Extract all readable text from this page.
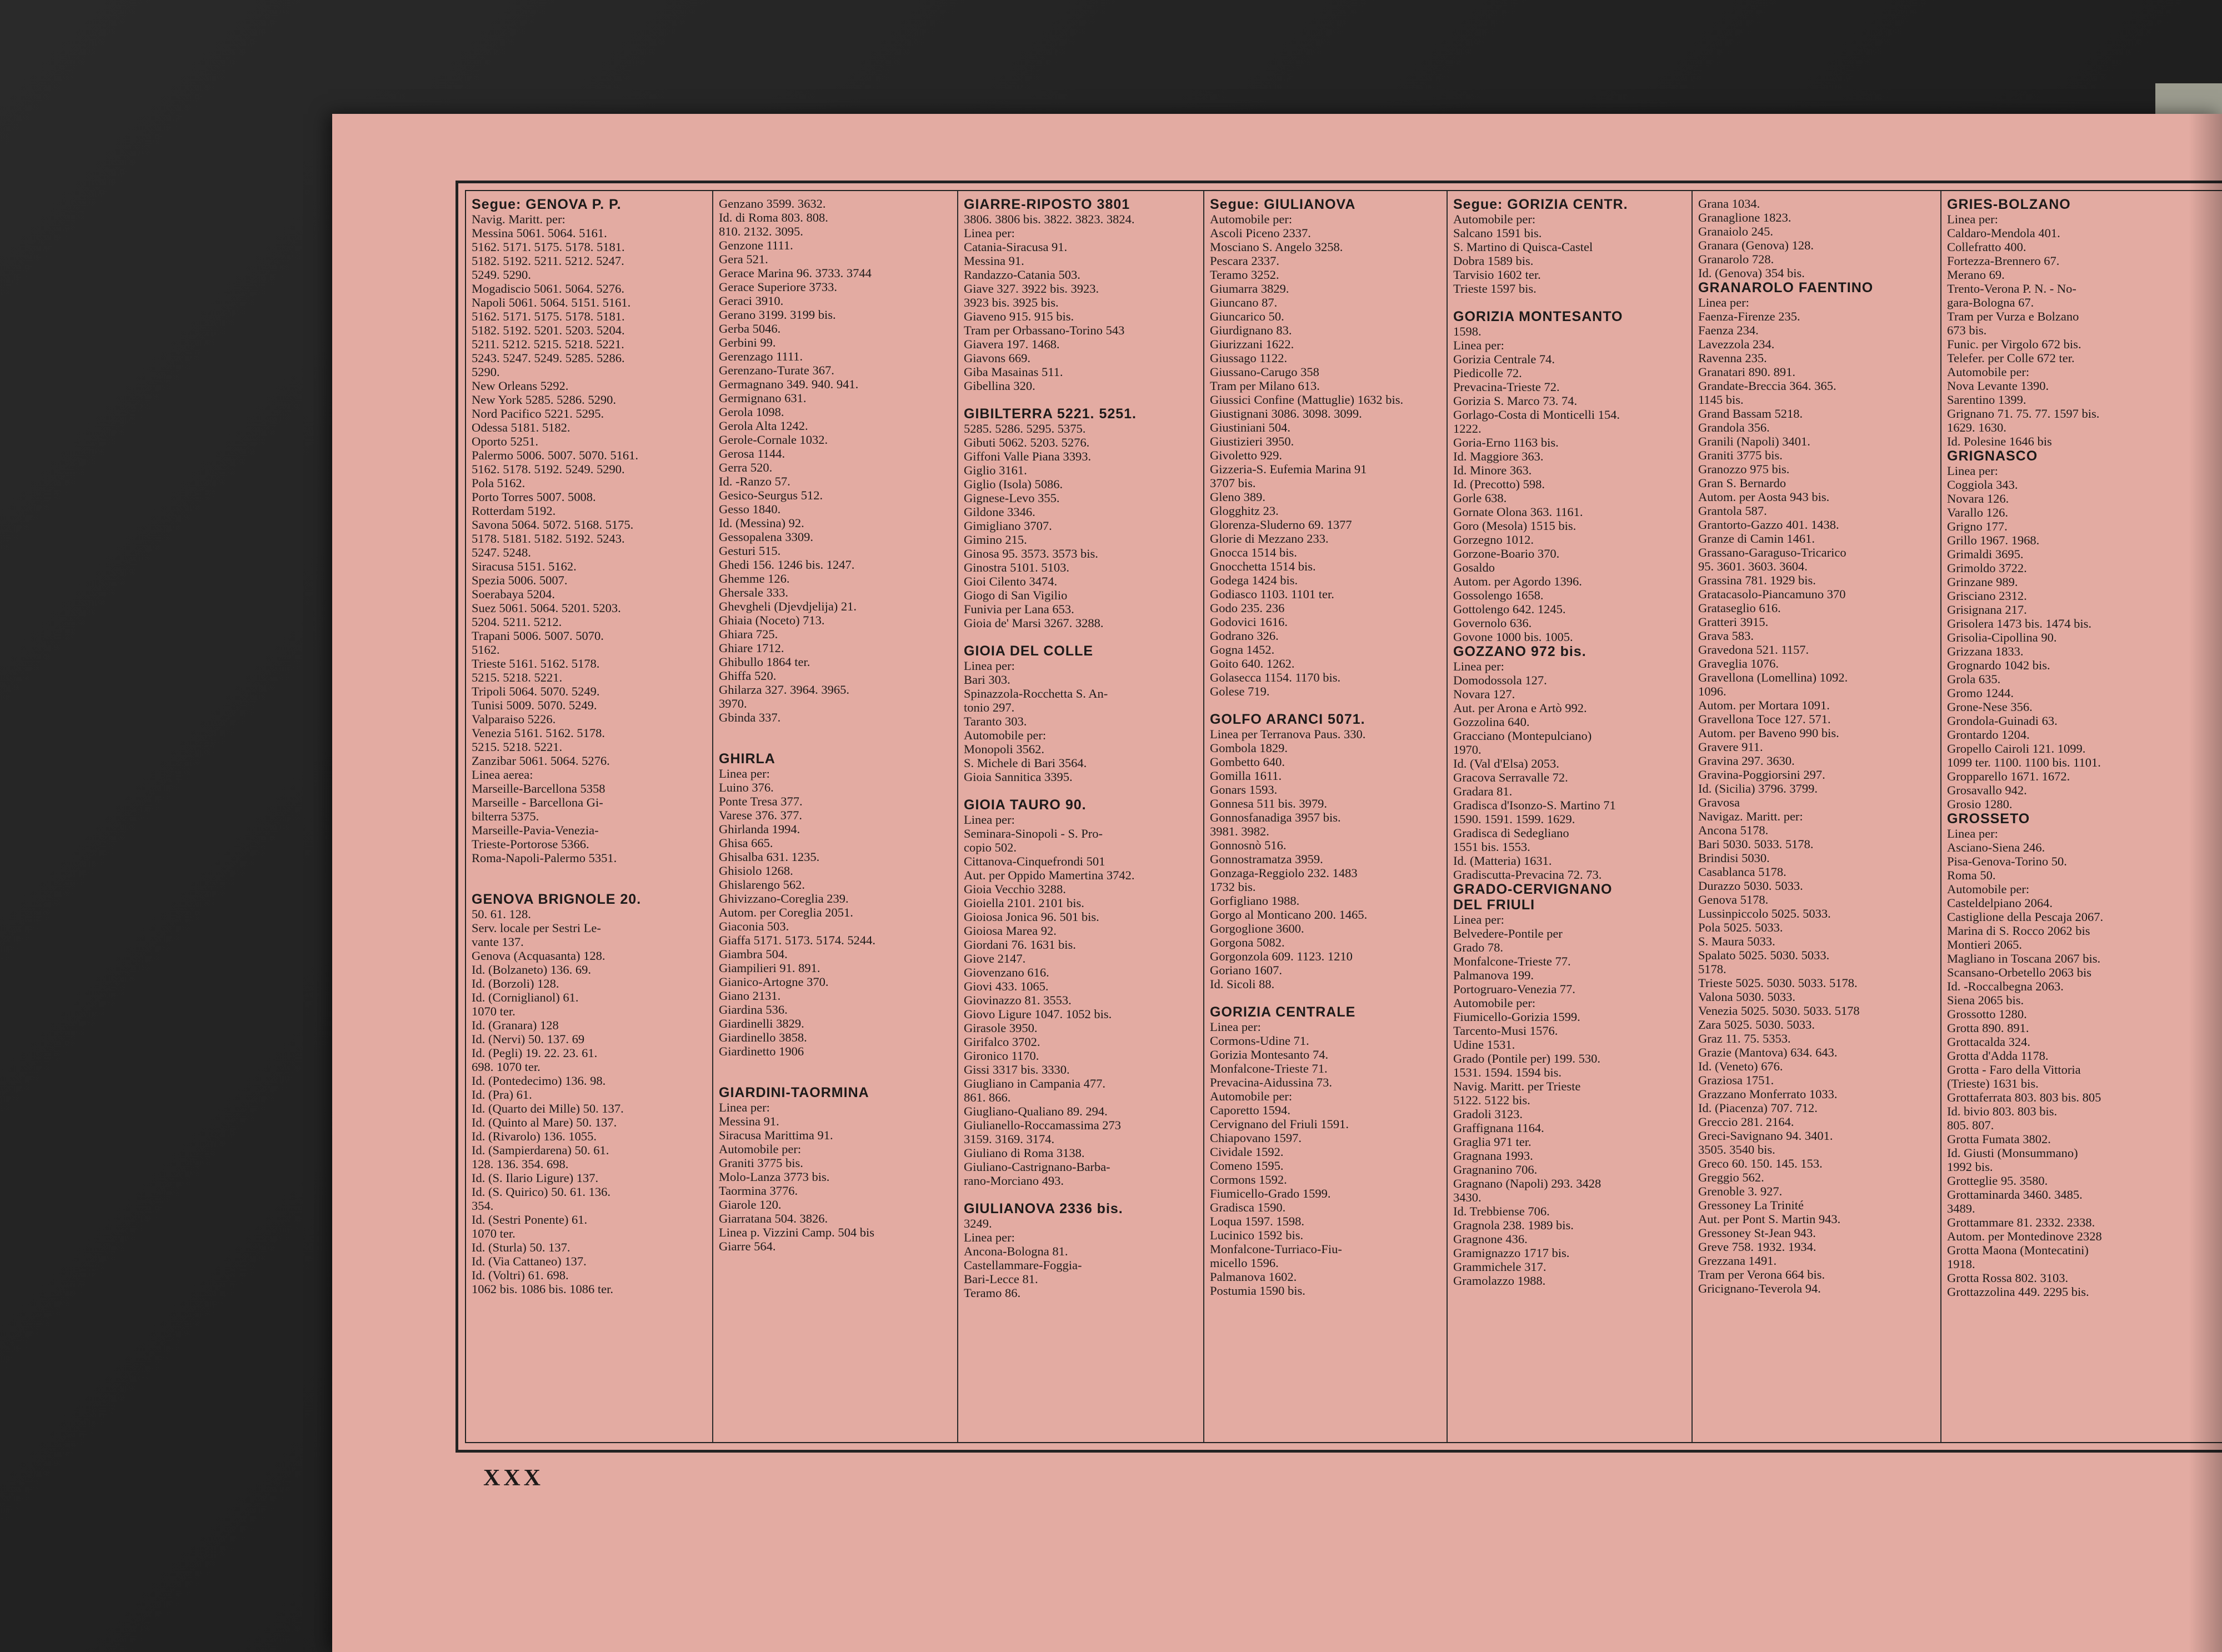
Segue: GENOVA P. P.
Navig. Maritt. per:
Messina 5061. 5064. 5161.
5162. 5171. 5175. 5178. 5181.
5182. 5192. 5211. 5212. 5247.
5249. 5290.
Mogadiscio 5061. 5064. 5276.
Napoli 5061. 5064. 5151. 5161.
5162. 5171. 5175. 5178. 5181.
5182. 5192. 5201. 5203. 5204.
5211. 5212. 5215. 5218. 5221.
5243. 5247. 5249. 5285. 5286.
5290.
New Orleans 5292.
New York 5285. 5286. 5290.
Nord Pacifico 5221. 5295.
Odessa 5181. 5182.
Oporto 5251.
Palermo 5006. 5007. 5070. 5161.
5162. 5178. 5192. 5249. 5290.
Pola 5162.
Porto Torres 5007. 5008.
Rotterdam 5192.
Savona 5064. 5072. 5168. 5175.
5178. 5181. 5182. 5192. 5243.
5247. 5248.
Siracusa 5151. 5162.
Spezia 5006. 5007.
Soerabaya 5204.
Suez 5061. 5064. 5201. 5203.
5204. 5211. 5212.
Trapani 5006. 5007. 5070.
5162.
Trieste 5161. 5162. 5178.
5215. 5218. 5221.
Tripoli 5064. 5070. 5249.
Tunisi 5009. 5070. 5249.
Valparaiso 5226.
Venezia 5161. 5162. 5178.
5215. 5218. 5221.
Zanzibar 5061. 5064. 5276.
Linea aerea:
Marseille-Barcellona 5358
Marseille - Barcellona Gi-
bilterra 5375.
Marseille-Pavia-Venezia-
Trieste-Portorose 5366.
Roma-Napoli-Palermo 5351.
GENOVA BRIGNOLE 20.
50. 61. 128.
Serv. locale per Sestri Le-
vante 137.
Genova (Acquasanta) 128.
Id. (Bolzaneto) 136. 69.
Id. (Borzoli) 128.
Id. (Corniglianol) 61.
1070 ter.
Id. (Granara) 128
Id. (Nervi) 50. 137. 69
Id. (Pegli) 19. 22. 23. 61.
698. 1070 ter.
Id. (Pontedecimo) 136. 98.
Id. (Pra) 61.
Id. (Quarto dei Mille) 50. 137.
Id. (Quinto al Mare) 50. 137.
Id. (Rivarolo) 136. 1055.
Id. (Sampierdarena) 50. 61.
128. 136. 354. 698.
Id. (S. Ilario Ligure) 137.
Id. (S. Quirico) 50. 61. 136.
354.
Id. (Sestri Ponente) 61.
1070 ter.
Id. (Sturla) 50. 137.
Id. (Via Cattaneo) 137.
Id. (Voltri) 61. 698.
1062 bis. 1086 bis. 1086 ter.
Genzano 3599. 3632.
Id. di Roma 803. 808.
810. 2132. 3095.
Genzone 1111.
Gera 521.
Gerace Marina 96. 3733. 3744
Gerace Superiore 3733.
Geraci 3910.
Gerano 3199. 3199 bis.
Gerba 5046.
Gerbini 99.
Gerenzago 1111.
Gerenzano-Turate 367.
Germagnano 349. 940. 941.
Germignano 631.
Gerola 1098.
Gerola Alta 1242.
Gerole-Cornale 1032.
Gerosa 1144.
Gerra 520.
Id. -Ranzo 57.
Gesico-Seurgus 512.
Gesso 1840.
Id. (Messina) 92.
Gessopalena 3309.
Gesturi 515.
Ghedi 156. 1246 bis. 1247.
Ghemme 126.
Ghersale 333.
Ghevgheli (Djevdjelija) 21.
Ghiaia (Noceto) 713.
Ghiara 725.
Ghiare 1712.
Ghibullo 1864 ter.
Ghiffa 520.
Ghilarza 327. 3964. 3965.
3970.
Gbinda 337.
GHIRLA
Linea per:
Luino 376.
Ponte Tresa 377.
Varese 376. 377.
Ghirlanda 1994.
Ghisa 665.
Ghisalba 631. 1235.
Ghisiolo 1268.
Ghislarengo 562.
Ghivizzano-Coreglia 239.
Autom. per Coreglia 2051.
Giaconia 503.
Giaffa 5171. 5173. 5174. 5244.
Giambra 504.
Giampilieri 91. 891.
Gianico-Artogne 370.
Giano 2131.
Giardina 536.
Giardinelli 3829.
Giardinello 3858.
Giardinetto 1906
GIARDINI-TAORMINA
Linea per:
Messina 91.
Siracusa Marittima 91.
Automobile per:
Graniti 3775 bis.
Molo-Lanza 3773 bis.
Taormina 3776.
Giarole 120.
Giarratana 504. 3826.
Linea p. Vizzini Camp. 504 bis
Giarre 564.
GIARRE-RIPOSTO 3801
3806. 3806 bis. 3822. 3823. 3824.
Linea per:
Catania-Siracusa 91.
Messina 91.
Randazzo-Catania 503.
Giave 327. 3922 bis. 3923.
3923 bis. 3925 bis.
Giaveno 915. 915 bis.
Tram per Orbassano-Torino 543
Giavera 197. 1468.
Giavons 669.
Giba Masainas 511.
Gibellina 320.
GIBILTERRA 5221. 5251.
5285. 5286. 5295. 5375.
Gibuti 5062. 5203. 5276.
Giffoni Valle Piana 3393.
Giglio 3161.
Giglio (Isola) 5086.
Gignese-Levo 355.
Gildone 3346.
Gimigliano 3707.
Gimino 215.
Ginosa 95. 3573. 3573 bis.
Ginostra 5101. 5103.
Gioi Cilento 3474.
Giogo di San Vigilio
Funivia per Lana 653.
Gioia de' Marsi 3267. 3288.
GIOIA DEL COLLE
Linea per:
Bari 303.
Spinazzola-Rocchetta S. An-
tonio 297.
Taranto 303.
Automobile per:
Monopoli 3562.
S. Michele di Bari 3564.
Gioia Sannitica 3395.
GIOIA TAURO 90.
Linea per:
Seminara-Sinopoli - S. Pro-
copio 502.
Cittanova-Cinquefrondi 501
Aut. per Oppido Mamertina 3742.
Gioia Vecchio 3288.
Gioiella 2101. 2101 bis.
Gioiosa Jonica 96. 501 bis.
Gioiosa Marea 92.
Giordani 76. 1631 bis.
Giove 2147.
Giovenzano 616.
Giovi 433. 1065.
Giovinazzo 81. 3553.
Giovo Ligure 1047. 1052 bis.
Girasole 3950.
Girifalco 3702.
Gironico 1170.
Gissi 3317 bis. 3330.
Giugliano in Campania 477.
861. 866.
Giugliano-Qualiano 89. 294.
Giulianello-Roccamassima 273
3159. 3169. 3174.
Giuliano di Roma 3138.
Giuliano-Castrignano-Barba-
rano-Morciano 493.
GIULIANOVA 2336 bis.
3249.
Linea per:
Ancona-Bologna 81.
Castellammare-Foggia-
Bari-Lecce 81.
Teramo 86.
Segue: GIULIANOVA
Automobile per:
Ascoli Piceno 2337.
Mosciano S. Angelo 3258.
Pescara 2337.
Teramo 3252.
Giumarra 3829.
Giuncano 87.
Giuncarico 50.
Giurdignano 83.
Giurizzani 1622.
Giussago 1122.
Giussano-Carugo 358
Tram per Milano 613.
Giussici Confine (Mattuglie) 1632 bis.
Giustignani 3086. 3098. 3099.
Giustiniani 504.
Giustizieri 3950.
Givoletto 929.
Gizzeria-S. Eufemia Marina 91
3707 bis.
Gleno 389.
Glogghitz 23.
Glorenza-Sluderno 69. 1377
Glorie di Mezzano 233.
Gnocca 1514 bis.
Gnocchetta 1514 bis.
Godega 1424 bis.
Godiasco 1103. 1101 ter.
Godo 235. 236
Godovici 1616.
Godrano 326.
Gogna 1452.
Goito 640. 1262.
Golasecca 1154. 1170 bis.
Golese 719.
GOLFO ARANCI 5071.
Linea per Terranova Paus. 330.
Gombola 1829.
Gombetto 640.
Gomilla 1611.
Gonars 1593.
Gonnesa 511 bis. 3979.
Gonnosfanadiga 3957 bis.
3981. 3982.
Gonnosnò 516.
Gonnostramatza 3959.
Gonzaga-Reggiolo 232. 1483
1732 bis.
Gorfigliano 1988.
Gorgo al Monticano 200. 1465.
Gorgoglione 3600.
Gorgona 5082.
Gorgonzola 609. 1123. 1210
Goriano 1607.
Id. Sicoli 88.
GORIZIA CENTRALE
Linea per:
Cormons-Udine 71.
Gorizia Montesanto 74.
Monfalcone-Trieste 71.
Prevacina-Aidussina 73.
Automobile per:
Caporetto 1594.
Cervignano del Friuli 1591.
Chiapovano 1597.
Cividale 1592.
Comeno 1595.
Cormons 1592.
Fiumicello-Grado 1599.
Gradisca 1590.
Loqua 1597. 1598.
Lucinico 1592 bis.
Monfalcone-Turriaco-Fiu-
micello 1596.
Palmanova 1602.
Postumia 1590 bis.
Segue: GORIZIA CENTR.
Automobile per:
Salcano 1591 bis.
S. Martino di Quisca-Castel
Dobra 1589 bis.
Tarvisio 1602 ter.
Trieste 1597 bis.
GORIZIA MONTESANTO
1598.
Linea per:
Gorizia Centrale 74.
Piedicolle 72.
Prevacina-Trieste 72.
Gorizia S. Marco 73. 74.
Gorlago-Costa di Monticelli 154.
1222.
Goria-Erno 1163 bis.
Id. Maggiore 363.
Id. Minore 363.
Id. (Precotto) 598.
Gorle 638.
Gornate Olona 363. 1161.
Goro (Mesola) 1515 bis.
Gorzegno 1012.
Gorzone-Boario 370.
Gosaldo
Autom. per Agordo 1396.
Gossolengo 1658.
Gottolengo 642. 1245.
Governolo 636.
Govone 1000 bis. 1005.
GOZZANO 972 bis.
Linea per:
Domodossola 127.
Novara 127.
Aut. per Arona e Artò 992.
Gozzolina 640.
Gracciano (Montepulciano)
1970.
Id. (Val d'Elsa) 2053.
Gracova Serravalle 72.
Gradara 81.
Gradisca d'Isonzo-S. Martino 71
1590. 1591. 1599. 1629.
Gradisca di Sedegliano
1551 bis. 1553.
Id. (Matteria) 1631.
Gradiscutta-Prevacina 72. 73.
GRADO-CERVIGNANO
DEL FRIULI
Linea per:
Belvedere-Pontile per
Grado 78.
Monfalcone-Trieste 77.
Palmanova 199.
Portogruaro-Venezia 77.
Automobile per:
Fiumicello-Gorizia 1599.
Tarcento-Musi 1576.
Udine 1531.
Grado (Pontile per) 199. 530.
1531. 1594. 1594 bis.
Navig. Maritt. per Trieste
5122. 5122 bis.
Gradoli 3123.
Graffignana 1164.
Graglia 971 ter.
Gragnana 1993.
Gragnanino 706.
Gragnano (Napoli) 293. 3428
3430.
Id. Trebbiense 706.
Gragnola 238. 1989 bis.
Gragnone 436.
Gramignazzo 1717 bis.
Grammichele 317.
Gramolazzo 1988.
Grana 1034.
Granaglione 1823.
Granaiolo 245.
Granara (Genova) 128.
Granarolo 728.
Id. (Genova) 354 bis.
GRANAROLO FAENTINO
Linea per:
Faenza-Firenze 235.
Faenza 234.
Lavezzola 234.
Ravenna 235.
Granatari 890. 891.
Grandate-Breccia 364. 365.
1145 bis.
Grand Bassam 5218.
Grandola 356.
Granili (Napoli) 3401.
Graniti 3775 bis.
Granozzo 975 bis.
Gran S. Bernardo
Autom. per Aosta 943 bis.
Grantola 587.
Grantorto-Gazzo 401. 1438.
Granze di Camin 1461.
Grassano-Garaguso-Tricarico
95. 3601. 3603. 3604.
Grassina 781. 1929 bis.
Gratacasolo-Piancamuno 370
Grataseglio 616.
Gratteri 3915.
Grava 583.
Gravedona 521. 1157.
Graveglia 1076.
Gravellona (Lomellina) 1092.
1096.
Autom. per Mortara 1091.
Gravellona Toce 127. 571.
Autom. per Baveno 990 bis.
Gravere 911.
Gravina 297. 3630.
Gravina-Poggiorsini 297.
Id. (Sicilia) 3796. 3799.
Gravosa
Navigaz. Maritt. per:
Ancona 5178.
Bari 5030. 5033. 5178.
Brindisi 5030.
Casablanca 5178.
Durazzo 5030. 5033.
Genova 5178.
Lussinpiccolo 5025. 5033.
Pola 5025. 5033.
S. Maura 5033.
Spalato 5025. 5030. 5033.
5178.
Trieste 5025. 5030. 5033. 5178.
Valona 5030. 5033.
Venezia 5025. 5030. 5033. 5178
Zara 5025. 5030. 5033.
Graz 11. 75. 5353.
Grazie (Mantova) 634. 643.
Id. (Veneto) 676.
Graziosa 1751.
Grazzano Monferrato 1033.
Id. (Piacenza) 707. 712.
Greccio 281. 2164.
Greci-Savignano 94. 3401.
3505. 3540 bis.
Greco 60. 150. 145. 153.
Greggio 562.
Grenoble 3. 927.
Gressoney La Trinité
Aut. per Pont S. Martin 943.
Gressoney St-Jean 943.
Greve 758. 1932. 1934.
Grezzana 1491.
Tram per Verona 664 bis.
Gricignano-Teverola 94.
GRIES-BOLZANO
Linea per:
Caldaro-Mendola 401.
Collefratto 400.
Fortezza-Brennero 67.
Merano 69.
Trento-Verona P. N. - No-
gara-Bologna 67.
Tram per Vurza e Bolzano
673 bis.
Funic. per Virgolo 672 bis.
Telefer. per Colle 672 ter.
Automobile per:
Nova Levante 1390.
Sarentino 1399.
Grignano 71. 75. 77. 1597 bis.
1629. 1630.
Id. Polesine 1646 bis
GRIGNASCO
Linea per:
Coggiola 343.
Novara 126.
Varallo 126.
Grigno 177.
Grillo 1967. 1968.
Grimaldi 3695.
Grimoldo 3722.
Grinzane 989.
Grisciano 2312.
Grisignana 217.
Grisolera 1473 bis. 1474 bis.
Grisolia-Cipollina 90.
Grizzana 1833.
Grognardo 1042 bis.
Grola 635.
Gromo 1244.
Grone-Nese 356.
Grondola-Guinadi 63.
Grontardo 1204.
Gropello Cairoli 121. 1099.
1099 ter. 1100. 1100 bis. 1101.
Gropparello 1671. 1672.
Grosavallo 942.
Grosio 1280.
GROSSETO
Linea per:
Asciano-Siena 246.
Pisa-Genova-Torino 50.
Roma 50.
Automobile per:
Casteldelpiano 2064.
Castiglione della Pescaja 2067.
Marina di S. Rocco 2062 bis
Montieri 2065.
Magliano in Toscana 2067 bis.
Scansano-Orbetello 2063 bis
Id. -Roccalbegna 2063.
Siena 2065 bis.
Grossotto 1280.
Grotta 890. 891.
Grottacalda 324.
Grotta d'Adda 1178.
Grotta - Faro della Vittoria
(Trieste) 1631 bis.
Grottaferrata 803. 803 bis. 805
Id. bivio 803. 803 bis.
805. 807.
Grotta Fumata 3802.
Id. Giusti (Monsummano)
1992 bis.
Grotteglie 95. 3580.
Grottaminarda 3460. 3485.
3489.
Grottammare 81. 2332. 2338.
Autom. per Montedinove 2328
Grotta Maona (Montecatini)
1918.
Grotta Rossa 802. 3103.
Grottazzolina 449. 2295 bis.
XXX
